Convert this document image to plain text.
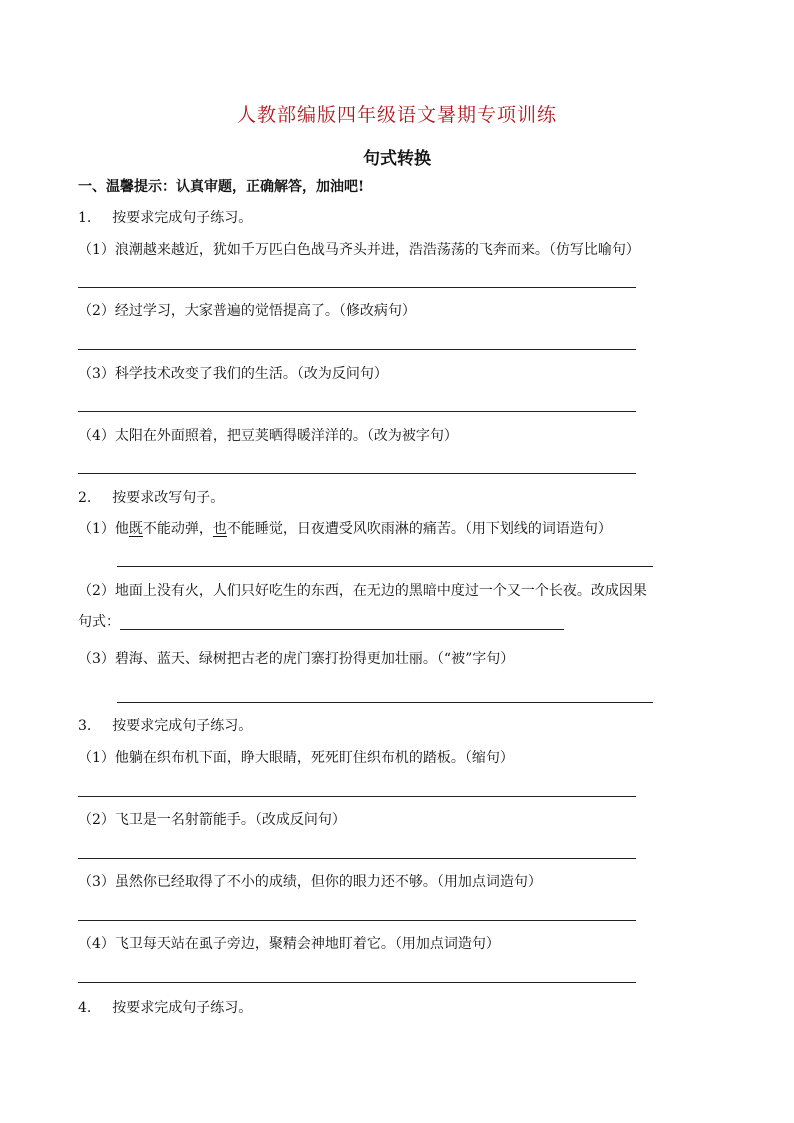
人教部编版四年级语文暑期专项训练
句式转换
一、温馨提示：认真审题，正确解答，加油吧!
1. 按要求完成句子练习。
（1）浪潮越来越近，犹如千万匹白色战马齐头并进，浩浩荡荡的飞奔而来。（仿写比喻句）
（2）经过学习，大家普遍的觉悟提高了。（修改病句）
（3）科学技术改变了我们的生活。（改为反问句）
（4）太阳在外面照着，把豆荚晒得暖洋洋的。（改为被字句）
2. 按要求改写句子。
（1）他既不能动弹，也不能睡觉，日夜遭受风吹雨淋的痛苦。（用下划线的词语造句）
（2）地面上没有火，人们只好吃生的东西，在无边的黑暗中度过一个又一个长夜。改成因果
句式：
（3）碧海、蓝天、绿树把古老的虎门寨打扮得更加壮丽。（“被”字句）
3. 按要求完成句子练习。
（1）他躺在织布机下面，睁大眼睛，死死盯住织布机的踏板。（缩句）
（2）飞卫是一名射箭能手。（改成反问句）
（3）虽然你已经取得了不小的成绩，但你的眼力还不够。（用加点词造句）
（4）飞卫每天站在虱子旁边，聚精会神地盯着它。（用加点词造句）
4. 按要求完成句子练习。
